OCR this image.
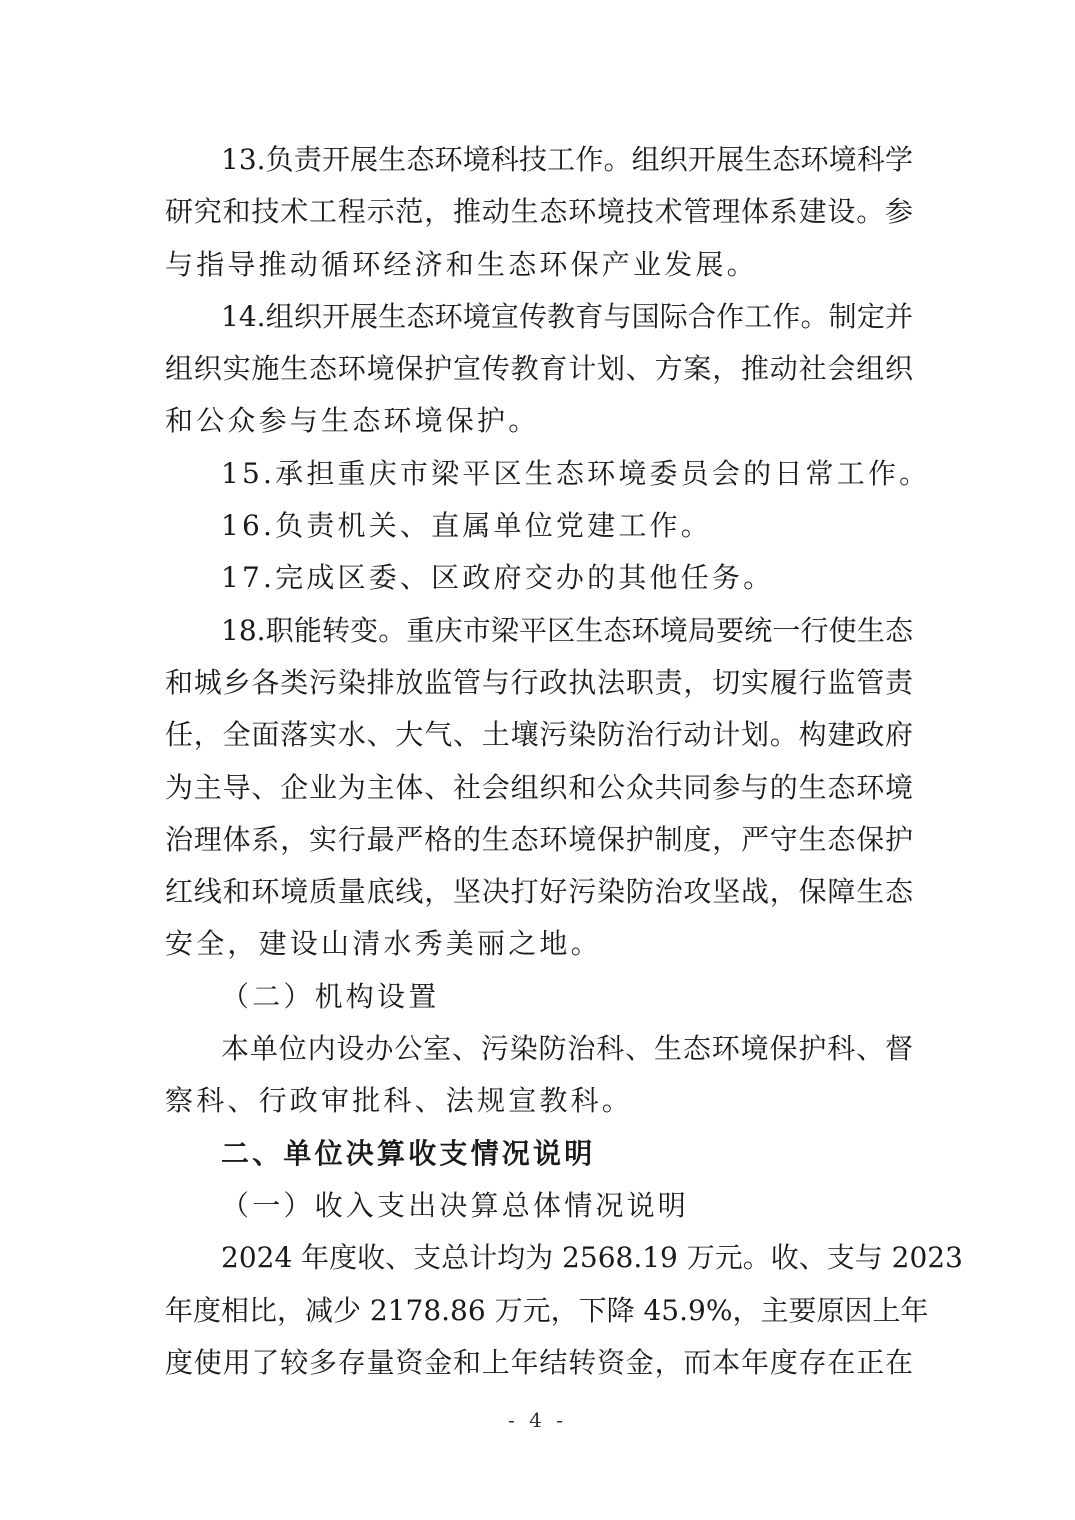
13.负责开展生态环境科技工作。组织开展生态环境科学
研究和技术工程示范，推动生态环境技术管理体系建设。参
与指导推动循环经济和生态环保产业发展。
14.组织开展生态环境宣传教育与国际合作工作。制定并
组织实施生态环境保护宣传教育计划、方案，推动社会组织
和公众参与生态环境保护。
15.承担重庆市梁平区生态环境委员会的日常工作。
16.负责机关、直属单位党建工作。
17.完成区委、区政府交办的其他任务。
18.职能转变。重庆市梁平区生态环境局要统一行使生态
和城乡各类污染排放监管与行政执法职责，切实履行监管责
任，全面落实水、大气、土壤污染防治行动计划。构建政府
为主导、企业为主体、社会组织和公众共同参与的生态环境
治理体系，实行最严格的生态环境保护制度，严守生态保护
红线和环境质量底线，坚决打好污染防治攻坚战，保障生态
安全，建设山清水秀美丽之地。
（二）机构设置
本单位内设办公室、污染防治科、生态环境保护科、督
察科、行政审批科、法规宣教科。
二、单位决算收支情况说明
（一）收入支出决算总体情况说明
2024 年度收、支总计均为 2568.19 万元。收、支与 2023
年度相比，减少 2178.86 万元，下降 45.9%，主要原因上年
度使用了较多存量资金和上年结转资金，而本年度存在正在
- 4 -
